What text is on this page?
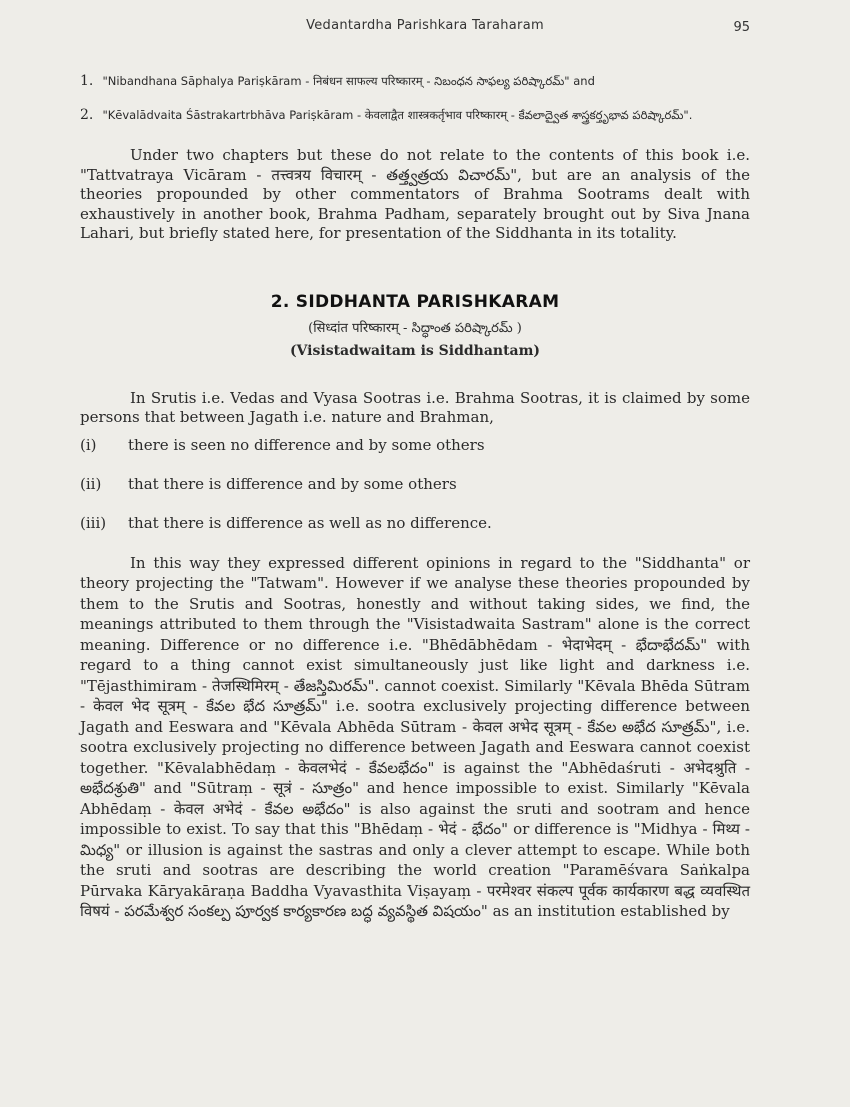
Vedantardha Parishkara Taraharam	95

1. "Nibandhana Sāphalya Pariṣkāram - निबंधन साफल्य परिष्कारम् - నిబంధన సాఫల్య పరిష్కారమ్" and

2. "Kēvalādvaita Śāstrakartrbhāva Pariṣkāram - केवलाद्वैत शास्त्रकर्तृभाव परिष्कारम् - కేవలాద్వైత శాస్త్రకర్తృభావ పరిష్కారమ్".

Under two chapters but these do not relate to the contents of this book i.e. "Tattvatraya Vicāram - तत्त्वत्रय विचारम् - తత్త్వత్రయ విచారమ్", but are an analysis of the theories propounded by other commentators of Brahma Sootrams dealt with exhaustively in another book, Brahma Padham, separately brought out by Siva Jnana Lahari, but briefly stated here, for presentation of the Siddhanta in its totality.

2. SIDDHANTA PARISHKARAM

(सिध्दांत परिष्कारम् - సిద్ధాంత పరిష్కారమ్ )

(Visistadwaitam is Siddhantam)

In Srutis i.e. Vedas and Vyasa Sootras i.e. Brahma Sootras, it is claimed by some persons that between Jagath i.e. nature and Brahman,

(i)	there is seen no difference and by some others
(ii)	that there is difference and by some others
(iii)	that there is difference as well as no difference.

In this way they expressed different opinions in regard to the "Siddhanta" or theory projecting the "Tatwam". However if we analyse these theories propounded by them to the Srutis and Sootras, honestly and without taking sides, we find, the meanings attributed to them through the "Visistadwaita Sastram" alone is the correct meaning. Difference or no difference i.e. "Bhēdābhēdam - भेदाभेदम् - భేదాభేదమ్" with regard to a thing cannot exist simultaneously just like light and darkness i.e. "Tējasthimiram - तेजस्थिमिरम् - తేజస్తిమిరమ్". cannot coexist. Similarly "Kēvala Bhēda Sūtram - केवल भेद सूत्रम् - కేవల భేద సూత్రమ్" i.e. sootra exclusively projecting difference between Jagath and Eeswara and "Kēvala Abhēda Sūtram - केवल अभेद सूत्रम् - కేవల అభేద సూత్రమ్", i.e. sootra exclusively projecting no difference between Jagath and Eeswara cannot coexist together. "Kēvalabhēdaṃ - केवलभेदं - కేవలభేదం" is against the "Abhēdaśruti - अभेदश्रुति - అభేదశ్రుతి" and "Sūtraṃ - सूत्रं - సూత్రం" and hence impossible to exist. Similarly "Kēvala Abhēdaṃ - केवल अभेदं - కేవల అభేదం" is also against the sruti and sootram and hence impossible to exist. To say that this "Bhēdaṃ - भेदं - భేదం" or difference is "Midhya - मिथ्य - మిధ్య" or illusion is against the sastras and only a clever attempt to escape. While both the sruti and sootras are describing the world creation "Paramēśvara Saṅkalpa Pūrvaka Kāryakāraṇa Baddha Vyavasthita Viṣayaṃ - परमेश्वर संकल्प पूर्वक कार्यकारण बद्ध व्यवस्थित विषयं - పరమేశ్వర సంకల్ప పూర్వక కార్యకారణ బద్ధ వ్యవస్థిత విషయం" as an institution established by
